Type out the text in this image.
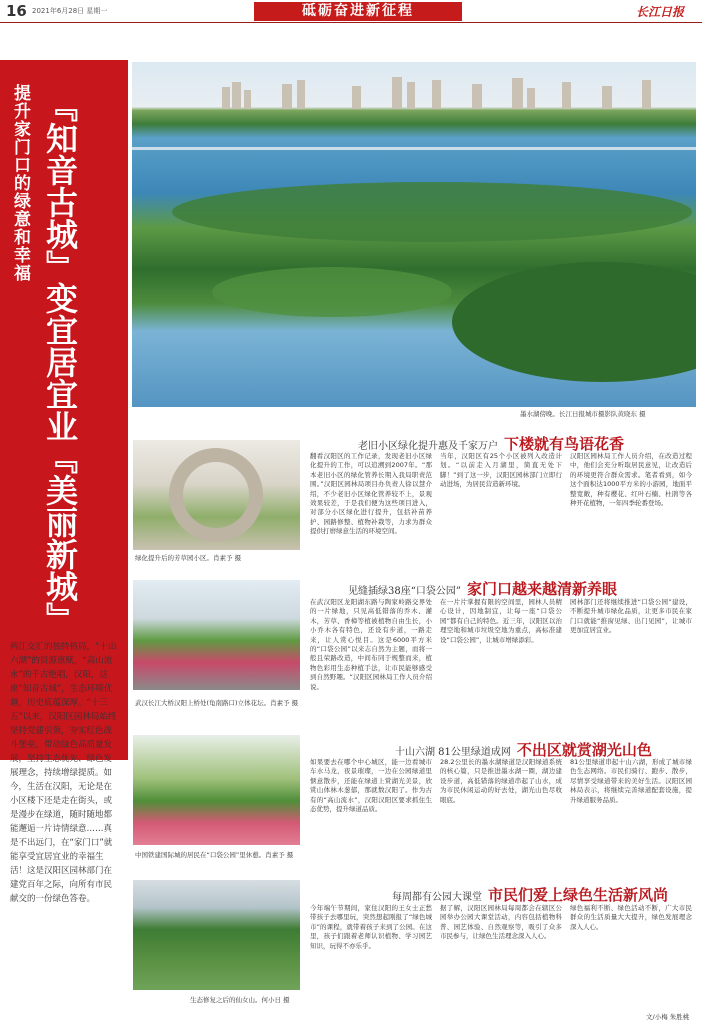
16 2021年6月28日 星期一	砥砺奋进新征程	长江日报
提升家门口的绿意和幸福 『知音古城』变宜居宜业『美丽新城』
两江交汇的独特格局，“十山六湖”的资源禀赋，“高山流水”的千古绝唱，汉阳，这座“知音古城”，生态环境优越，历史底蕴深厚。“十三五”以来，汉阳区园林局始终坚持党建引领，夯实红色战斗堡垒，带动绿色高质量发展，坚持生态优先、绿色发展理念，持续增绿提质。如今，生活在汉阳，无论是在小区楼下还是走在街头，或是漫步在绿道，随时随地都能邂逅一片诗情绿意……真是不出远门，在“家门口”就能享受宜居宜业的幸福生活！这是汉阳区园林部门在建党百年之际，向所有市民献交的一份绿色答卷。
墨水湖傍晚。长江日报城市摄影队黄晓东 摄
绿化提升后的芳草园小区。肖素予 摄
武汉长江大桥汉阳上桥处(龟南路口)立体花坛。肖素予 摄
中国铁建国际城的居民在“口袋公园”里休憩。肖素予 摄
生态修复之后的仙女山。何小日 摄
老旧小区绿化提升惠及千家万户 下楼就有鸟语花香
翻看汉阳区的工作记录，发现老旧小区绿化提升的工作，可以追溯到2007年。“那本老旧小区的绿化管养长期入我局职责范围。”汉阳区园林局项目办负责人徐以慧介绍，不少老旧小区绿化管养较不上，景观效果较差，于是我们便为这些项目进入，对部分小区绿化进行提升，包括补苗养护、园路修整、植物补栽等，力求为群众提供打磨绿意生活的环境空间。
当年，汉阳区有25个小区被列入改造计划。“以前走入月湖里，简直无处下脚！”到了这一步，汉阳区园林部门立即行动进场，为居民营造新环境。
汉阳区园林局工作人员介绍，在改造过程中，他们会充分听取居民意见，让改造后的环境更符合群众需求。笔者看到，如今这个面积达1000平方米的小游园，地面平整宽敞，种有樱花、红叶石楠、杜鹃等各种开花植物，一年四季轮番登场。
见缝插绿38座“口袋公园” 家门口越来越清新养眼
在武汉阳区龙阳湖东路与陶家岭路交界处的一片绿地，只见高低错落的乔木、灌木，芳草、香樟等植被植物自由生长，小小乔木各有特色，还设有步道，一路走来，让人赏心悦目。这是6000平方米的“口袋公园”以来志自然为主题，而将一般且荣路改造，中间布同于规整而来，植物色彩用生态种植手法，让市民能够感受到自然野趣。“汉阳区园林局工作人员介绍说。
在一片片掌握有限的空间里，园林人员精心设计，因地制宜，让每一座“口袋公园”都有自己的特色。近三年，汉阳区以治理空地和城市垃圾空地为重点，高标准建设“口袋公园”，让城市增绿添彩。
园林部门还将继续推进“口袋公园”建设，不断提升城市绿化品质，让更多市民在家门口就能“推窗见绿、出门见园”，让城市更加宜居宜业。
十山六湖 81公里绿道成网 不出区就赏湖光山色
如果要去在哪个中心城区，能一边看城市车水马龙，夜景璀璨，一边在公园绿道里惬意散步，还能在绿道上赏湖光美景，欣赏山体林木葱郁，那就数汉阳了。作为古有的“高山流水”，汉阳汉阳区要求抓住生态优势，提升绿道品质。
28.2公里长的墨水湖绿道是汉阳绿道系统的核心篇，只是推进墨水湖一圈，湖边建设步道，高低错落的绿道串起了山水，成为市民休闲运动的好去处，湖光山色尽收眼底。
81公里绿道串起十山六湖，形成了城市绿色生态网络。市民们骑行、跑步、散步，尽情享受绿道带来的美好生活。汉阳区园林局表示，将继续完善绿道配套设施，提升绿道服务品质。
每周都有公园大课堂 市民们爱上绿色生活新风尚
今年端午节期间，家住汉阳的王女士正愁带孩子去哪里玩，突然想起刚报了“绿色城市”的课程，就带着孩子来到了公园。在这里，孩子们跟着老师认识植物、学习园艺知识，玩得不亦乐乎。
据了解，汉阳区园林局每周都会在辖区公园举办公园大课堂活动，内容包括植物科普、园艺体验、自然观察等，吸引了众多市民参与，让绿色生活理念深入人心。
绿色福利不断、绿色活动不断，广大市民群众的生活质量大大提升，绿色发展理念深入人心。
文/小梅 朱胜桃
